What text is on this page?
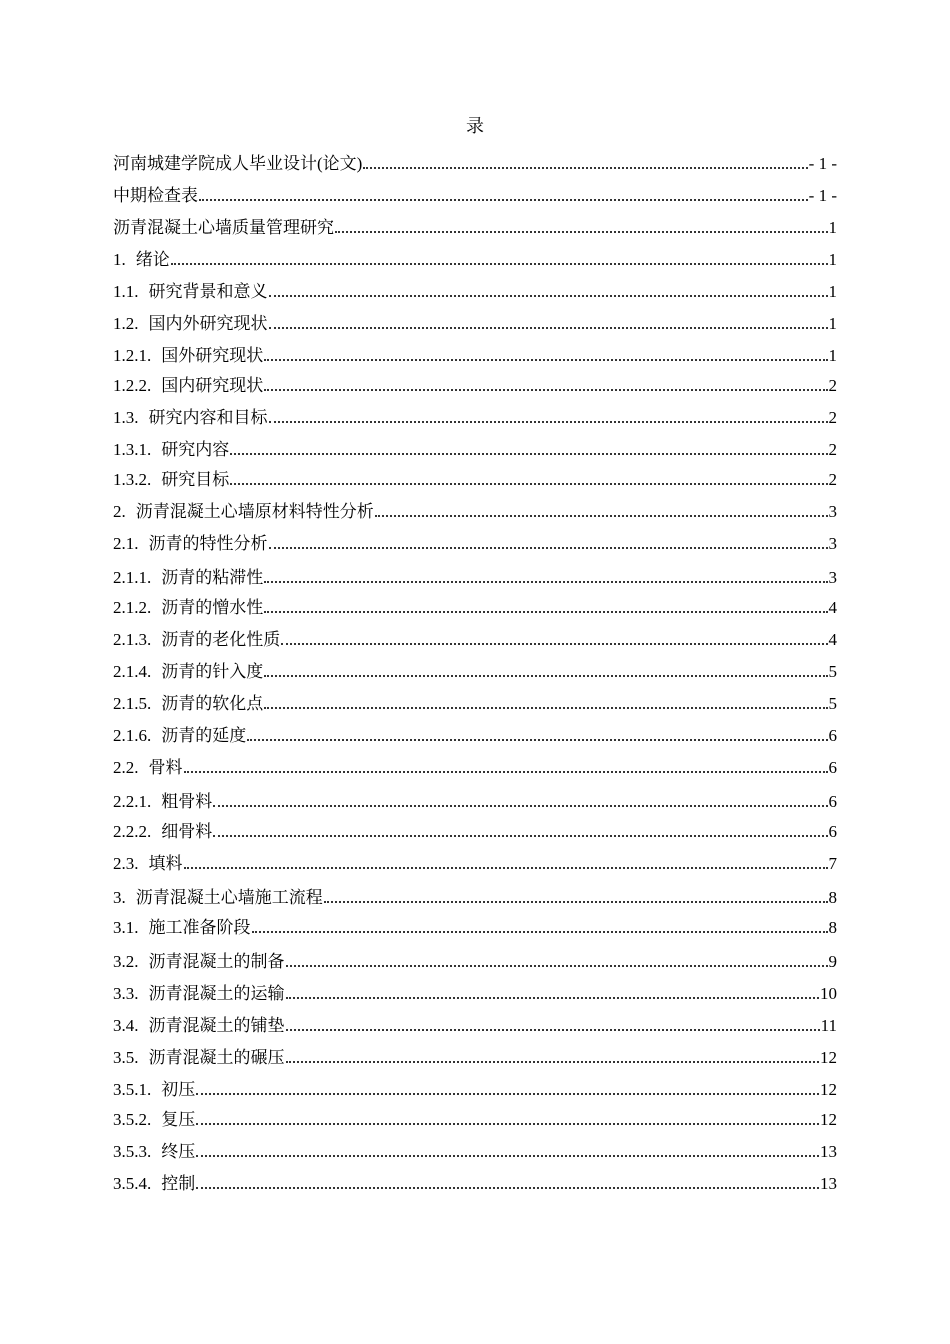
录
河南城建学院成人毕业设计(论文)	- 1 -
中期检查表	- 1 -
沥青混凝土心墙质量管理研究	1
1. 绪论	1
1.1. 研究背景和意义	1
1.2. 国内外研究现状	1
1.2.1. 国外研究现状	1
1.2.2. 国内研究现状	2
1.3. 研究内容和目标	2
1.3.1. 研究内容	2
1.3.2. 研究目标	2
2. 沥青混凝土心墙原材料特性分析	3
2.1. 沥青的特性分析	3
2.1.1. 沥青的粘滞性	3
2.1.2. 沥青的憎水性	4
2.1.3. 沥青的老化性质	4
2.1.4. 沥青的针入度	5
2.1.5. 沥青的软化点	5
2.1.6. 沥青的延度	6
2.2. 骨料	6
2.2.1. 粗骨料	6
2.2.2. 细骨料	6
2.3. 填料	7
3. 沥青混凝土心墙施工流程	8
3.1. 施工准备阶段	8
3.2. 沥青混凝土的制备	9
3.3. 沥青混凝土的运输	10
3.4. 沥青混凝土的铺垫	11
3.5. 沥青混凝土的碾压	12
3.5.1. 初压	12
3.5.2. 复压	12
3.5.3. 终压	13
3.5.4. 控制	13
